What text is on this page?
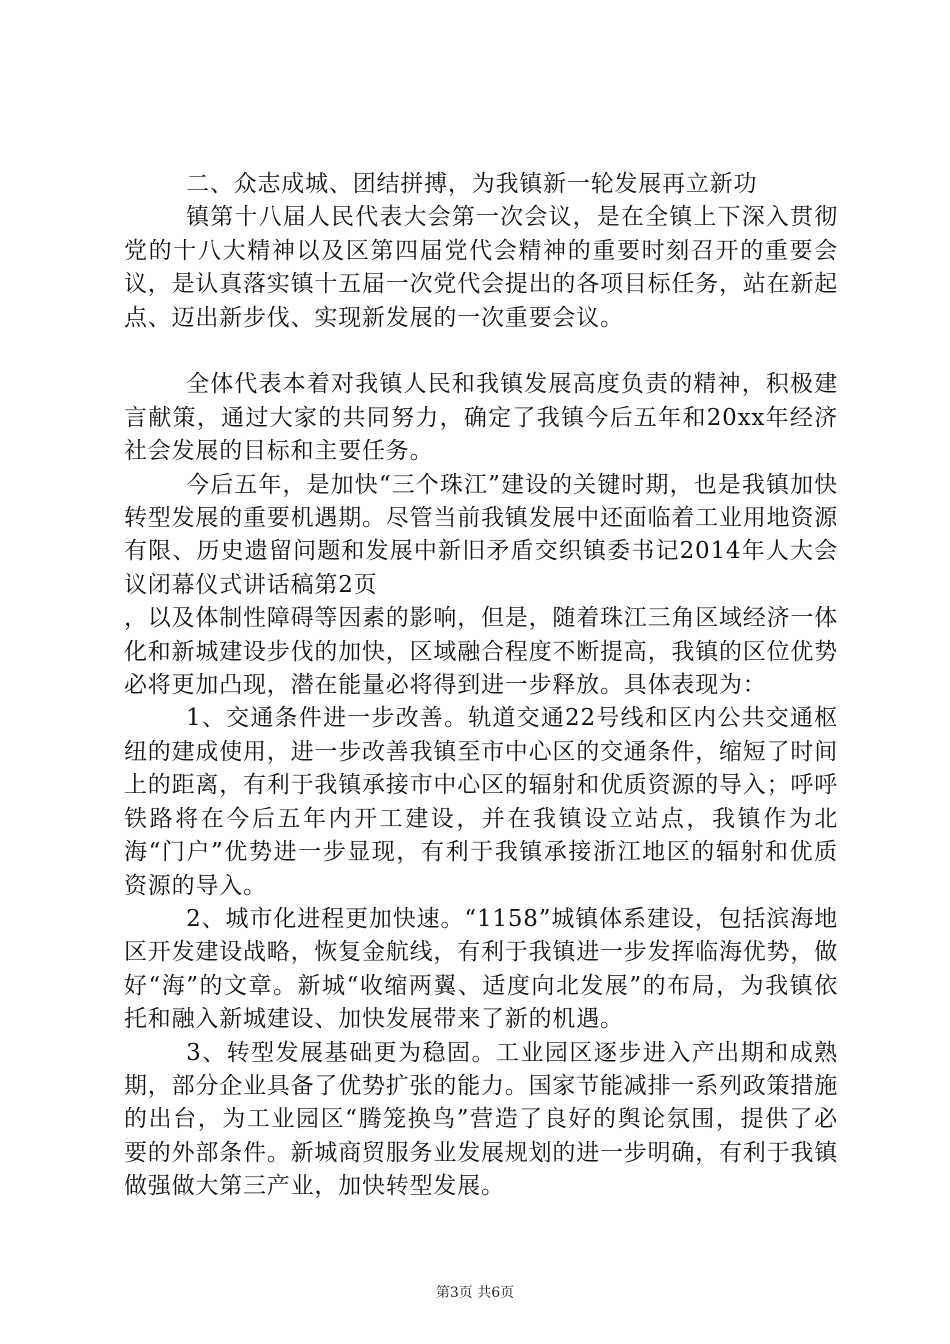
二、众志成城、团结拼搏，为我镇新一轮发展再立新功

镇第十八届人民代表大会第一次会议，是在全镇上下深入贯彻党的十八大精神以及区第四届党代会精神的重要时刻召开的重要会议，是认真落实镇十五届一次党代会提出的各项目标任务，站在新起点、迈出新步伐、实现新发展的一次重要会议。

全体代表本着对我镇人民和我镇发展高度负责的精神，积极建言献策，通过大家的共同努力，确定了我镇今后五年和20xx年经济社会发展的目标和主要任务。

今后五年，是加快“三个珠江”建设的关键时期，也是我镇加快转型发展的重要机遇期。尽管当前我镇发展中还面临着工业用地资源有限、历史遗留问题和发展中新旧矛盾交织镇委书记2014年人大会议闭幕仪式讲话稿第2页

，以及体制性障碍等因素的影响，但是，随着珠江三角区域经济一体化和新城建设步伐的加快，区域融合程度不断提高，我镇的区位优势必将更加凸现，潜在能量必将得到进一步释放。具体表现为：

1、交通条件进一步改善。轨道交通22号线和区内公共交通枢纽的建成使用，进一步改善我镇至市中心区的交通条件，缩短了时间上的距离，有利于我镇承接市中心区的辐射和优质资源的导入；呼呼铁路将在今后五年内开工建设，并在我镇设立站点，我镇作为北海“门户”优势进一步显现，有利于我镇承接浙江地区的辐射和优质资源的导入。

2、城市化进程更加快速。“1158”城镇体系建设，包括滨海地区开发建设战略，恢复金航线，有利于我镇进一步发挥临海优势，做好“海”的文章。新城“收缩两翼、适度向北发展”的布局，为我镇依托和融入新城建设、加快发展带来了新的机遇。

3、转型发展基础更为稳固。工业园区逐步进入产出期和成熟期，部分企业具备了优势扩张的能力。国家节能减排一系列政策措施的出台，为工业园区“腾笼换鸟”营造了良好的舆论氛围，提供了必要的外部条件。新城商贸服务业发展规划的进一步明确，有利于我镇做强做大第三产业，加快转型发展。

第3页 共6页
